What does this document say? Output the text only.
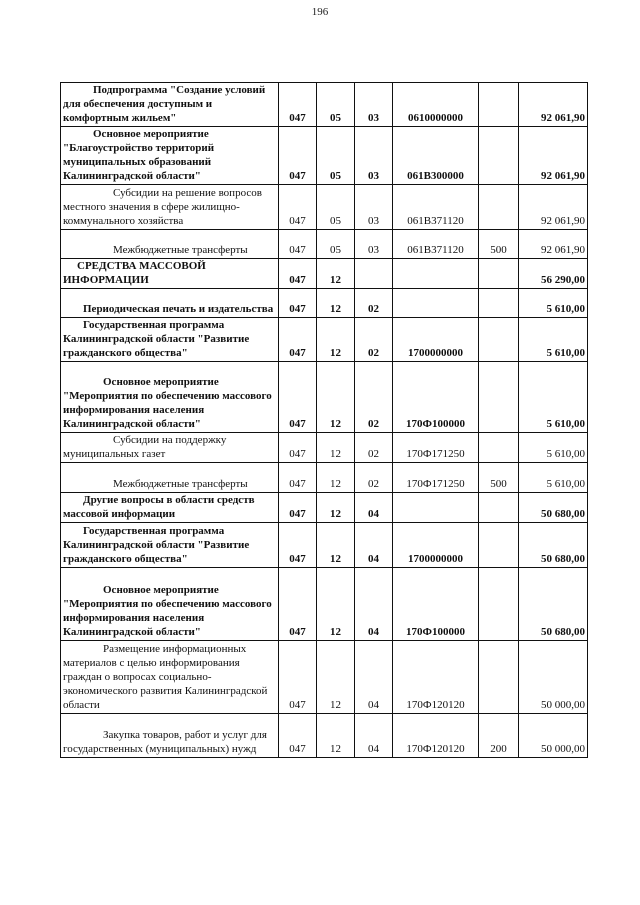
196
Подпрограмма "Создание условий для обеспечения доступным и комфортным жильем"	047	05	03	0610000000		92 061,90
Основное мероприятие "Благоустройство территорий муниципальных образований Калининградской области"	047	05	03	061В300000		92 061,90
Субсидии на решение вопросов местного значения в сфере жилищно-коммунального хозяйства	047	05	03	061В371120		92 061,90
Межбюджетные трансферты	047	05	03	061В371120	500	92 061,90
СРЕДСТВА МАССОВОЙ ИНФОРМАЦИИ	047	12				56 290,00
Периодическая печать и издательства	047	12	02			5 610,00
Государственная программа Калининградской области "Развитие гражданского общества"	047	12	02	1700000000		5 610,00
Основное мероприятие "Мероприятия по обеспечению массового информирования населения Калининградской области"	047	12	02	170Ф100000		5 610,00
Субсидии на поддержку муниципальных газет	047	12	02	170Ф171250		5 610,00
Межбюджетные трансферты	047	12	02	170Ф171250	500	5 610,00
Другие вопросы в области средств массовой информации	047	12	04			50 680,00
Государственная программа Калининградской области "Развитие гражданского общества"	047	12	04	1700000000		50 680,00
Основное мероприятие "Мероприятия по обеспечению массового информирования населения Калининградской области"	047	12	04	170Ф100000		50 680,00
Размещение информационных материалов с целью информирования граждан о вопросах социально-экономического развития Калининградской области	047	12	04	170Ф120120		50 000,00
Закупка товаров, работ и услуг для государственных (муниципальных) нужд	047	12	04	170Ф120120	200	50 000,00
